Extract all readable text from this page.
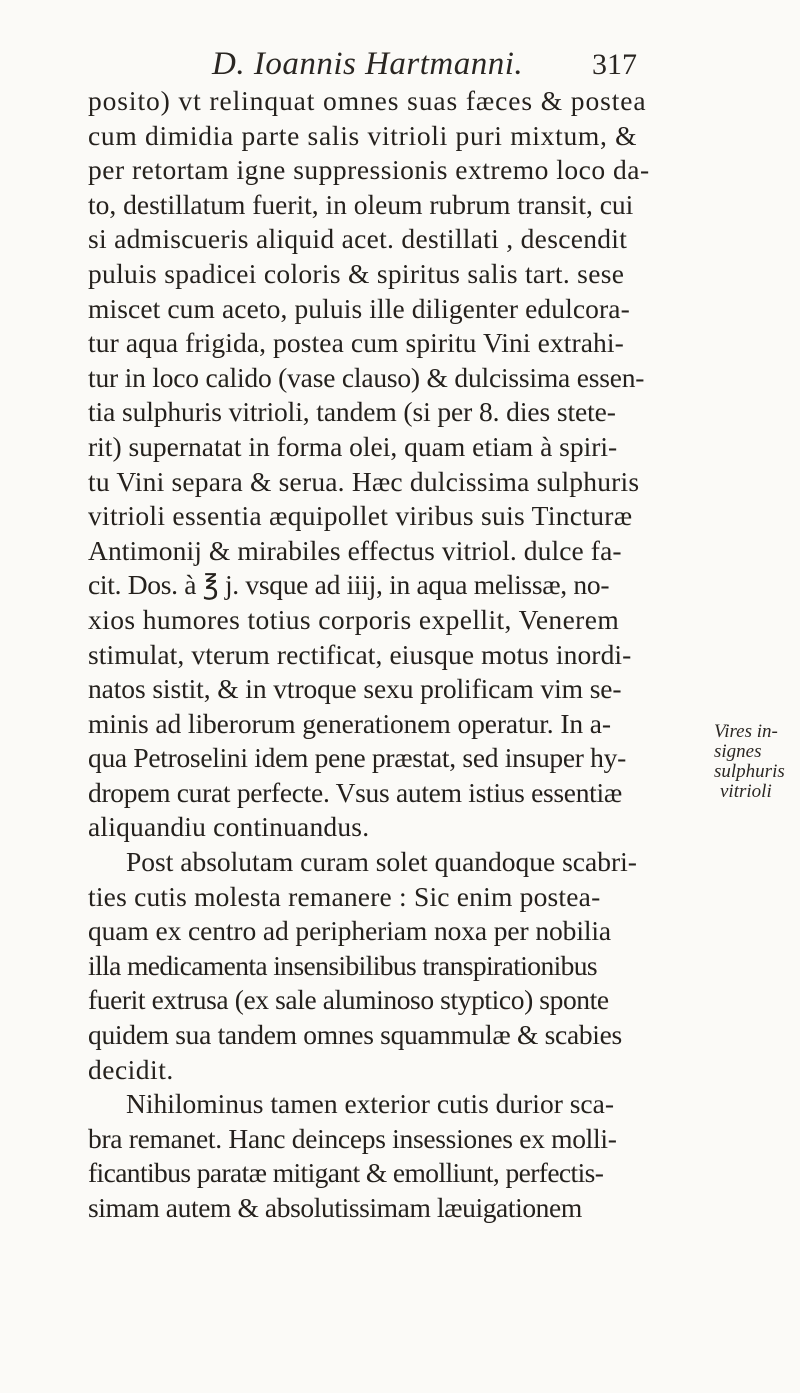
D. Ioannis Hartmanni. 317
posito) vt relinquat omnes suas fæces & postea
cum dimidia parte salis vitrioli puri mixtum, &
per retortam igne suppressionis extremo loco da-
to, destillatum fuerit, in oleum rubrum transit, cui
si admiscueris aliquid acet. destillati , descendit
puluis spadicei coloris & spiritus salis tart. sese
miscet cum aceto, puluis ille diligenter edulcora-
tur aqua frigida, postea cum spiritu Vini extrahi-
tur in loco calido (vase clauso) & dulcissima essen-
tia sulphuris vitrioli, tandem (si per 8. dies stete-
rit) supernatat in forma olei, quam etiam à spiri-
tu Vini separa & serua. Hæc dulcissima sulphuris
vitrioli essentia æquipollet viribus suis Tincturæ
Antimonij & mirabiles effectus vitriol. dulce fa-
cit. Dos. à ℥ j. vsque ad iiij, in aqua melissæ, no-
xios humores totius corporis expellit, Venerem
stimulat, vterum rectificat, eiusque motus inordi-
natos sistit, & in vtroque sexu prolificam vim se-
minis ad liberorum generationem operatur. In a-
qua Petroselini idem pene præstat, sed insuper hy-
dropem curat perfecte. Vsus autem istius essentiæ
aliquandiu continuandus.
Post absolutam curam solet quandoque scabri-
ties cutis molesta remanere : Sic enim postea-
quam ex centro ad peripheriam noxa per nobilia
illa medicamenta insensibilibus transpirationibus
fuerit extrusa (ex sale aluminoso styptico) sponte
quidem sua tandem omnes squammulæ & scabies
decidit.
Nihilominus tamen exterior cutis durior sca-
bra remanet. Hanc deinceps insessiones ex molli-
ficantibus paratæ mitigant & emolliunt, perfectis-
simam autem & absolutissimam læuigationem
Vires in-
signes
sulphuris
vitrioli
